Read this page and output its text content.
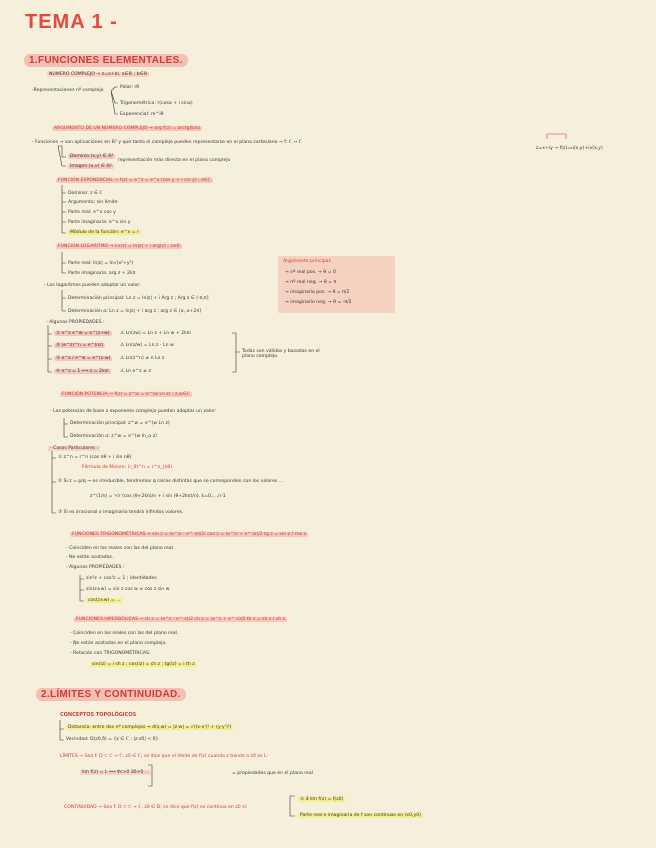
TEMA 1 -
1.FUNCIONES ELEMENTALES.
NÚMERO COMPLEJO → z=a+bi, a∈ℝ ; b∈ℝ
-Representaciones nº complejo
Polar: rθ
Trigonométrica: r(cosα + i sinα)
Exponencial: re^iθ
ARGUMENTO DE UN NÚMERO COMPLEJO → arg f(z) = arctg(b/a)
- Funciones → son aplicaciones en ℝ² y que tanto el complejo pueden representarse en el plano cartesiano → f: ℂ → ℂ
z=x+iy → f(z)=u(x,y)+iv(x,y)
Dominio (x,y) ∈ ℝ²
Imagen (u,v) ∈ ℝ²
representación más directa en el plano complejo
FUNCIÓN EXPONENCIAL → f(z) = e^z = e^x (cos y + i sin y) ; z∈ℂ
Dominio: z ∈ ℂ
Argumento: sin límite
Parte real: e^x cos y
Parte imaginaria: e^x sin y
Módulo de la función: e^x = r
FUNCIÓN LOGARITMO → Ln(z) = ln|z| + i arg(z) ; z≠0
Parte real: ln|z| = ln√(x²+y²)
Parte imaginaria: arg z + 2kπ
- Los logaritmos pueden adoptar un valor:
Determinación principal: Ln z = ln|z| + i Arg z ; Arg z ∈ (-π,π]
Determinación α: Ln z = ln|z| + i arg z ; arg z ∈ (α, α+2π]
Argumento principal:
→ nº real pos. → θ = 0
→ nº real neg. → θ = π
→ imaginario pos. → θ = π/2
→ imaginario neg. → θ = -π/2
- Algunas PROPIEDADES :
① e^z e^w = e^(z+w)
② (e^z)^n = e^(nz)
③ e^z / e^w = e^(z-w)
④ e^z = 1 ⟺ z = 2kπi
⚠ Ln(zw) = Ln z + Ln w + 2kπi
⚠ Ln(z/w) = Ln z - Ln w
⚠ Ln(z^n) ≠ n Ln z
⚠ Ln e^z ≠ z
Todas son válidas y basadas en el plano complejo.
FUNCIÓN POTENCIA → f(z) = z^w = e^(w Ln z) ; z,w∈ℂ
- Las potencias de base z exponente complejo pueden adoptar un valor:
Determinación principal: z^w = e^(w Ln z)
Determinación α: z^w = e^(w ln_α z)
- Casos Particulares :
① z^n = r^n (cos nθ + i sin nθ)
Fórmula de Moivre: (r_θ)^n = r^n_(nθ)
② Si z = p/q → es irreducible, tendremos q raíces distintas que se corresponden con los valores ...
z^(1/n) = ⁿ√r (cos (θ+2kπ)/n + i sin (θ+2kπ)/n), k=0,...,n-1
③ Si es irracional o imaginario tendrá infinitos valores.
FUNCIONES TRIGONOMÉTRICAS → sin z = (e^iz - e^-iz)/2i cos z = (e^iz + e^-iz)/2 tg z = sin z / cos z
- Coinciden en los reales con las del plano real.
- No están acotadas.
- Algunas PROPIEDADES :
sin²z + cos²z = 1 ; identidades
sin(z±w) = sin z cos w ± cos z sin w
cos(z±w) = ...
FUNCIONES HIPERBÓLICAS → sh z = (e^z - e^-z)/2 ch z = (e^z + e^-z)/2 th z = sh z / ch z
- Coinciden en los reales con las del plano real.
- No están acotadas en el plano complejo.
- Relación con TRIGONOMÉTRICAS:
sin(iz) = i sh z ; cos(iz) = ch z ; tg(iz) = i th z
2.LÍMITES Y CONTINUIDAD.
CONCEPTOS TOPOLÓGICOS
Distancia: entre dos nº complejos → d(z,w) = |z-w| = √((x-x')² + (y-y')²)
Vecindad: D(z0,δ) = {z ∈ ℂ : |z-z0| < δ}
LÍMITES → Sea f: D ⊂ ℂ → ℂ, z0 ∈ ℂ; se dice que el límite de f(z) cuando z tiende a z0 es L:
lím f(z) = L ⟺ ∀ε>0 ∃δ>0 ...	= propiedades que en el plano real
CONTINUIDAD → Sea f: D ⊂ ℂ → ℂ, z0 ∈ D; se dice que f(z) es continua en z0 si:
① ∃ lím f(z) = f(z0)
Parte real e imaginaria de f son continuas en (x0,y0)
